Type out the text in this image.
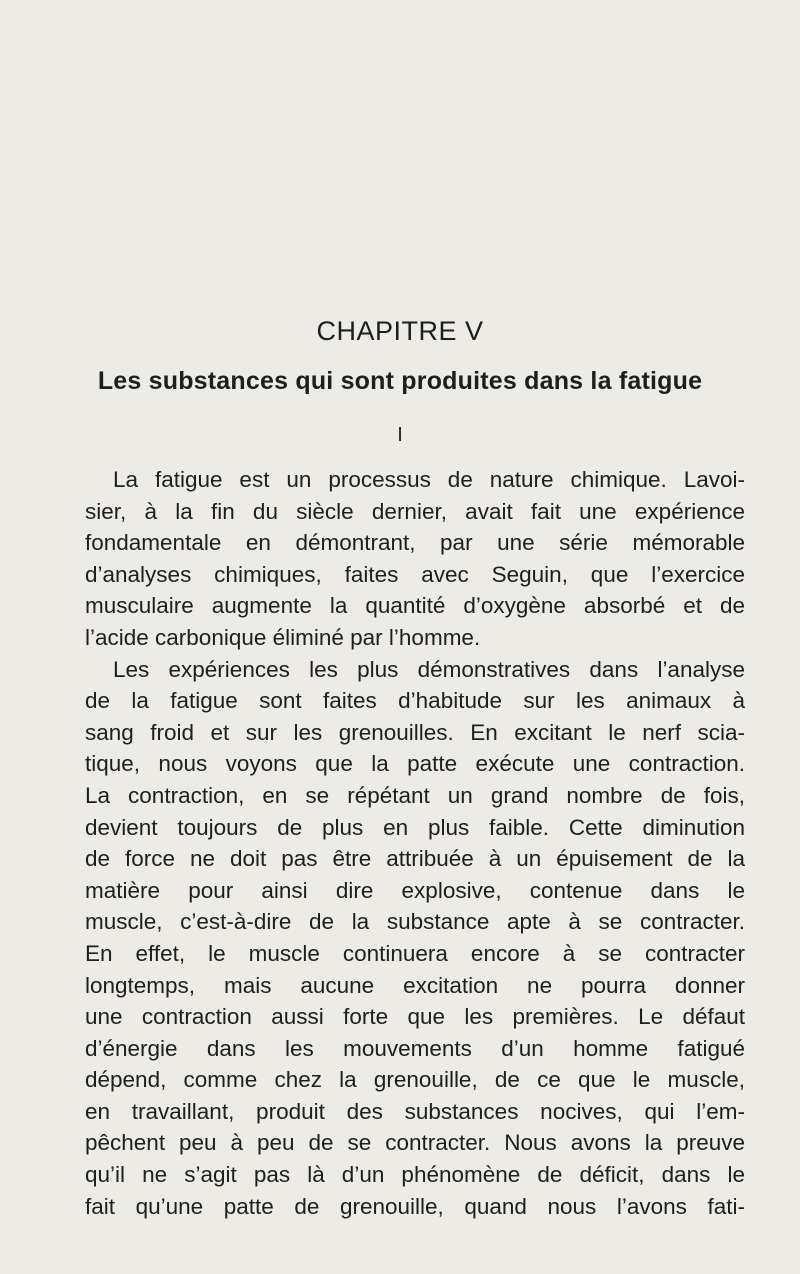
CHAPITRE V
Les substances qui sont produites dans la fatigue
I
La fatigue est un processus de nature chimique. Lavoi-
sier, à la fin du siècle dernier, avait fait une expérience
fondamentale en démontrant, par une série mémorable
d’analyses chimiques, faites avec Seguin, que l’exercice
musculaire augmente la quantité d’oxygène absorbé et de
l’acide carbonique éliminé par l’homme.
Les expériences les plus démonstratives dans l’analyse
de la fatigue sont faites d’habitude sur les animaux à
sang froid et sur les grenouilles. En excitant le nerf scia-
tique, nous voyons que la patte exécute une contraction.
La contraction, en se répétant un grand nombre de fois,
devient toujours de plus en plus faible. Cette diminution
de force ne doit pas être attribuée à un épuisement de la
matière pour ainsi dire explosive, contenue dans le
muscle, c’est-à-dire de la substance apte à se contracter.
En effet, le muscle continuera encore à se contracter
longtemps, mais aucune excitation ne pourra donner
une contraction aussi forte que les premières. Le défaut
d’énergie dans les mouvements d’un homme fatigué
dépend, comme chez la grenouille, de ce que le muscle,
en travaillant, produit des substances nocives, qui l’em-
pêchent peu à peu de se contracter. Nous avons la preuve
qu’il ne s’agit pas là d’un phénomène de déficit, dans le
fait qu’une patte de grenouille, quand nous l’avons fati-
